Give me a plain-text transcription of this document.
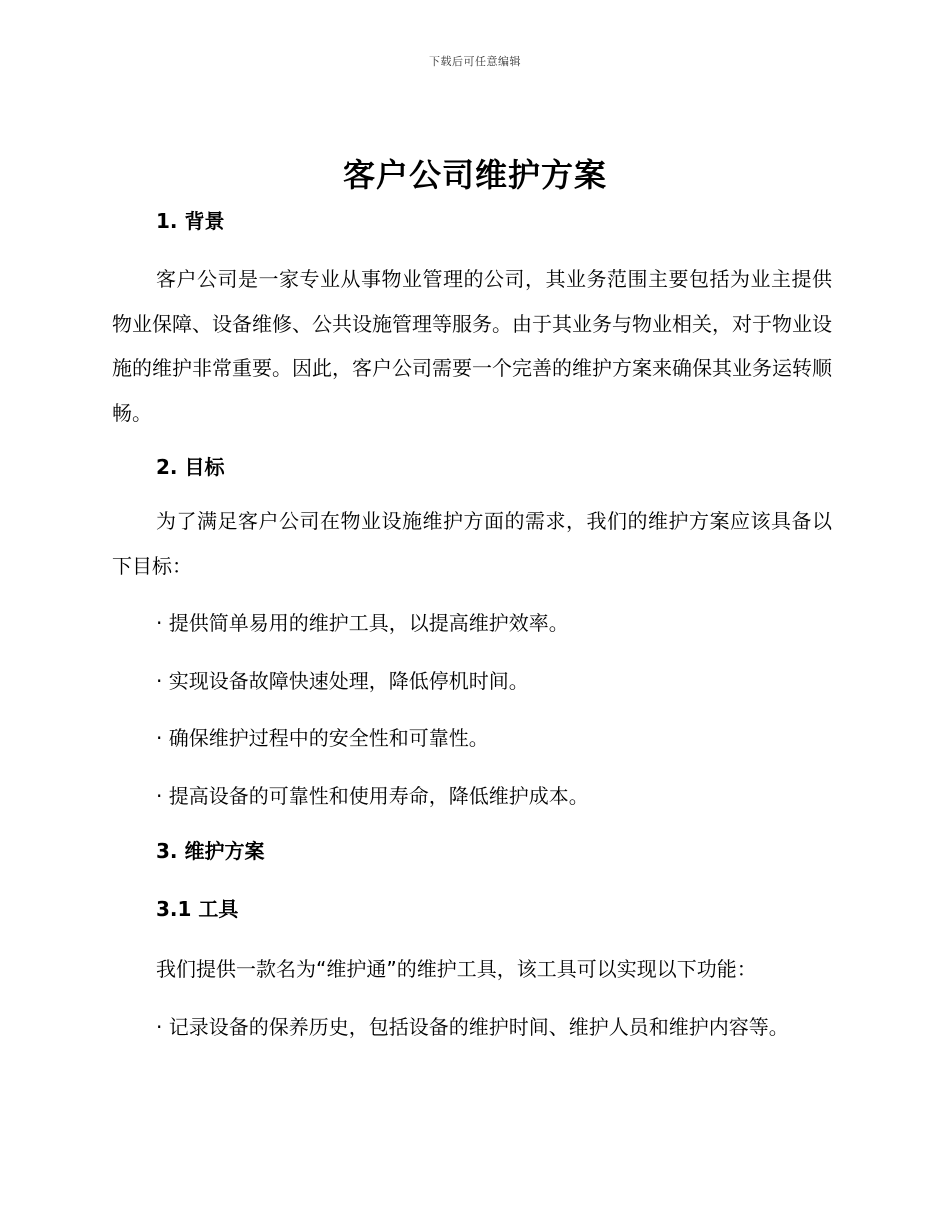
下载后可任意编辑
客户公司维护方案
1. 背景

客户公司是一家专业从事物业管理的公司，其业务范围主要包括为业主提供物业保障、设备维修、公共设施管理等服务。由于其业务与物业相关，对于物业设施的维护非常重要。因此，客户公司需要一个完善的维护方案来确保其业务运转顺畅。

2. 目标

为了满足客户公司在物业设施维护方面的需求，我们的维护方案应该具备以下目标：

· 提供简单易用的维护工具，以提高维护效率。

· 实现设备故障快速处理，降低停机时间。

· 确保维护过程中的安全性和可靠性。

· 提高设备的可靠性和使用寿命，降低维护成本。

3. 维护方案
3.1 工具

我们提供一款名为“维护通”的维护工具，该工具可以实现以下功能：

· 记录设备的保养历史，包括设备的维护时间、维护人员和维护内容等。
